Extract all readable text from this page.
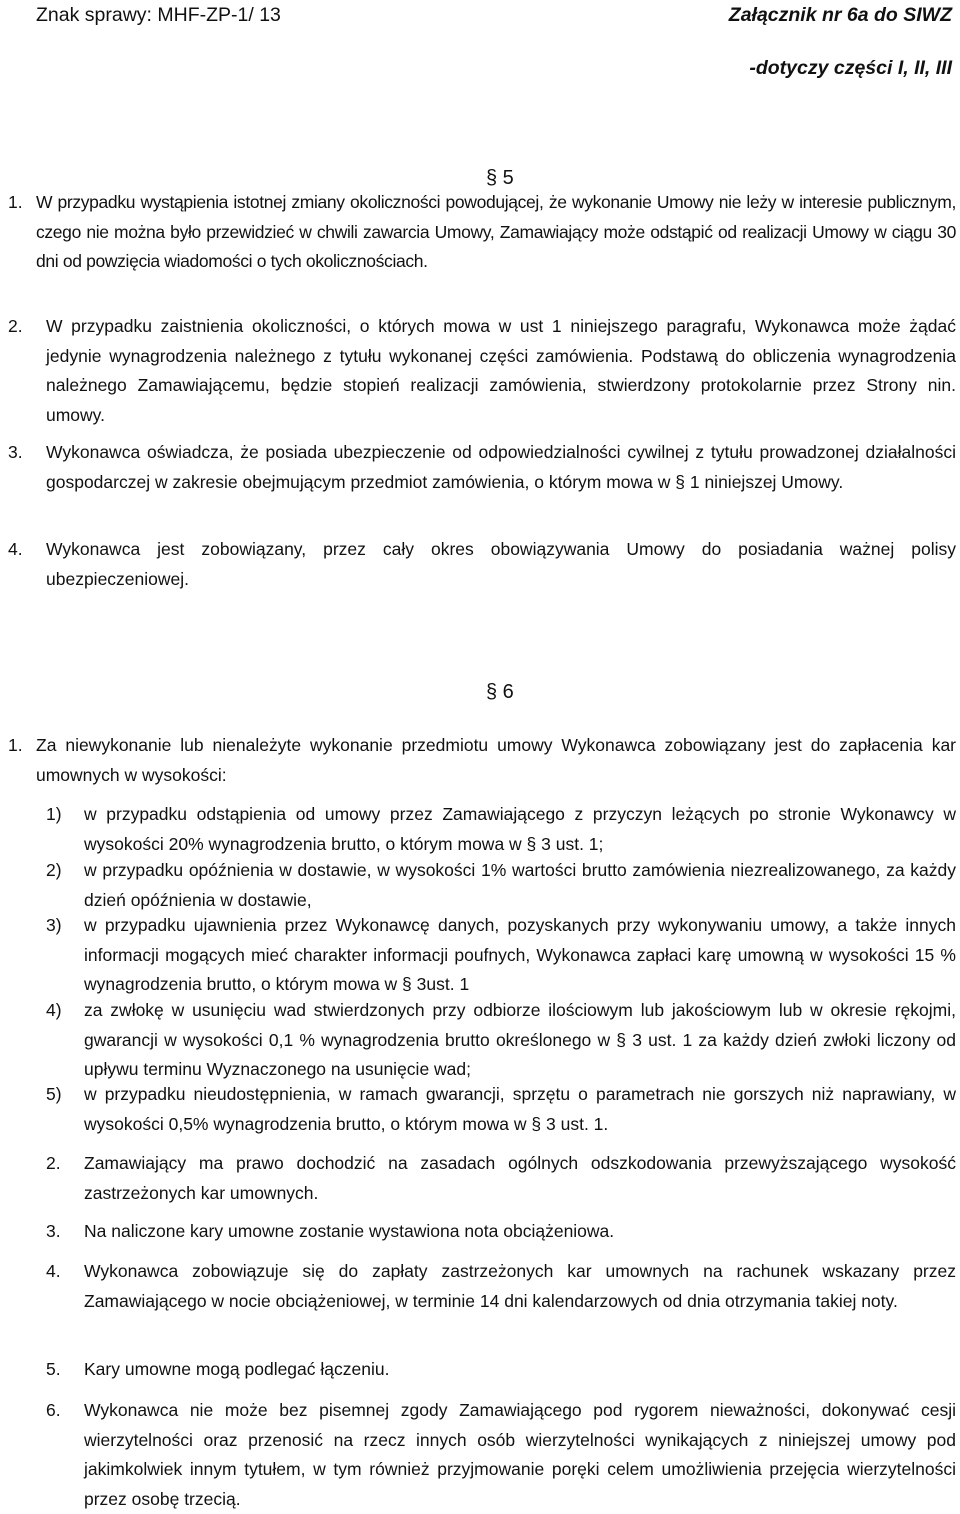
Znak sprawy: MHF-ZP-1/ 13	Załącznik nr 6a do SIWZ
-dotyczy części I, II, III
§ 5
1. W przypadku wystąpienia istotnej zmiany okoliczności powodującej, że wykonanie Umowy nie leży w interesie publicznym, czego nie można było przewidzieć w chwili zawarcia Umowy, Zamawiający może odstąpić od realizacji Umowy w ciągu 30 dni od powzięcia wiadomości o tych okolicznościach.
2. W przypadku zaistnienia okoliczności, o których mowa w ust 1 niniejszego paragrafu, Wykonawca może żądać jedynie wynagrodzenia należnego z tytułu wykonanej części zamówienia. Podstawą do obliczenia wynagrodzenia należnego Zamawiającemu, będzie stopień realizacji zamówienia, stwierdzony protokolarnie przez Strony nin. umowy.
3. Wykonawca oświadcza, że posiada ubezpieczenie od odpowiedzialności cywilnej z tytułu prowadzonej działalności gospodarczej w zakresie obejmującym przedmiot zamówienia, o którym mowa w § 1 niniejszej Umowy.
4. Wykonawca jest zobowiązany, przez cały okres obowiązywania Umowy do posiadania ważnej polisy ubezpieczeniowej.
§ 6
1. Za niewykonanie lub nienależyte wykonanie przedmiotu umowy Wykonawca zobowiązany jest do zapłacenia kar umownych w wysokości:
1) w przypadku odstąpienia od umowy przez Zamawiającego z przyczyn leżących po stronie Wykonawcy w wysokości 20% wynagrodzenia brutto, o którym mowa w § 3 ust. 1;
2) w przypadku opóźnienia w dostawie, w wysokości 1% wartości brutto zamówienia niezrealizowanego, za każdy dzień opóźnienia w dostawie,
3) w przypadku ujawnienia przez Wykonawcę danych, pozyskanych przy wykonywaniu umowy, a także innych informacji mogących mieć charakter informacji poufnych, Wykonawca zapłaci karę umowną w wysokości 15 % wynagrodzenia brutto, o którym mowa w § 3ust. 1
4) za zwłokę w usunięciu wad stwierdzonych przy odbiorze ilościowym lub jakościowym lub w okresie rękojmi, gwarancji w wysokości 0,1 % wynagrodzenia brutto określonego w § 3 ust. 1 za każdy dzień zwłoki liczony od upływu terminu Wyznaczonego na usunięcie wad;
5) w przypadku nieudostępnienia, w ramach gwarancji, sprzętu o parametrach nie gorszych niż naprawiany, w wysokości 0,5% wynagrodzenia brutto, o którym mowa w § 3 ust. 1.
2. Zamawiający ma prawo dochodzić na zasadach ogólnych odszkodowania przewyższającego wysokość zastrzeżonych kar umownych.
3. Na naliczone kary umowne zostanie wystawiona nota obciążeniowa.
4. Wykonawca zobowiązuje się do zapłaty zastrzeżonych kar umownych na rachunek wskazany przez Zamawiającego w nocie obciążeniowej, w terminie 14 dni kalendarzowych od dnia otrzymania takiej noty.
5. Kary umowne mogą podlegać łączeniu.
6. Wykonawca nie może bez pisemnej zgody Zamawiającego pod rygorem nieważności, dokonywać cesji wierzytelności oraz przenosić na rzecz innych osób wierzytelności wynikających z niniejszej umowy pod jakimkolwiek innym tytułem, w tym również przyjmowanie poręki celem umożliwienia przejęcia wierzytelności przez osobę trzecią.
